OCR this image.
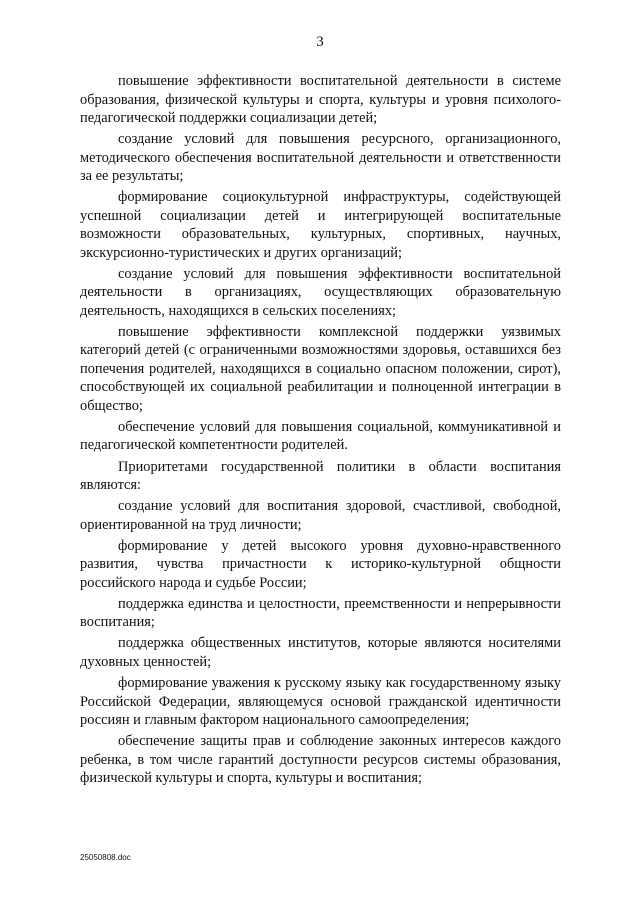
3

повышение эффективности воспитательной деятельности в системе образования, физической культуры и спорта, культуры и уровня психолого-педагогической поддержки социализации детей;

создание условий для повышения ресурсного, организационного, методического обеспечения воспитательной деятельности и ответственности за ее результаты;

формирование социокультурной инфраструктуры, содействующей успешной социализации детей и интегрирующей воспитательные возможности образовательных, культурных, спортивных, научных, экскурсионно-туристических и других организаций;

создание условий для повышения эффективности воспитательной деятельности в организациях, осуществляющих образовательную деятельность, находящихся в сельских поселениях;

повышение эффективности комплексной поддержки уязвимых категорий детей (с ограниченными возможностями здоровья, оставшихся без попечения родителей, находящихся в социально опасном положении, сирот), способствующей их социальной реабилитации и полноценной интеграции в общество;

обеспечение условий для повышения социальной, коммуникативной и педагогической компетентности родителей.

Приоритетами государственной политики в области воспитания являются:

создание условий для воспитания здоровой, счастливой, свободной, ориентированной на труд личности;

формирование у детей высокого уровня духовно-нравственного развития, чувства причастности к историко-культурной общности российского народа и судьбе России;

поддержка единства и целостности, преемственности и непрерывности воспитания;

поддержка общественных институтов, которые являются носителями духовных ценностей;

формирование уважения к русскому языку как государственному языку Российской Федерации, являющемуся основой гражданской идентичности россиян и главным фактором национального самоопределения;

обеспечение защиты прав и соблюдение законных интересов каждого ребенка, в том числе гарантий доступности ресурсов системы образования, физической культуры и спорта, культуры и воспитания;

25050808.doc
